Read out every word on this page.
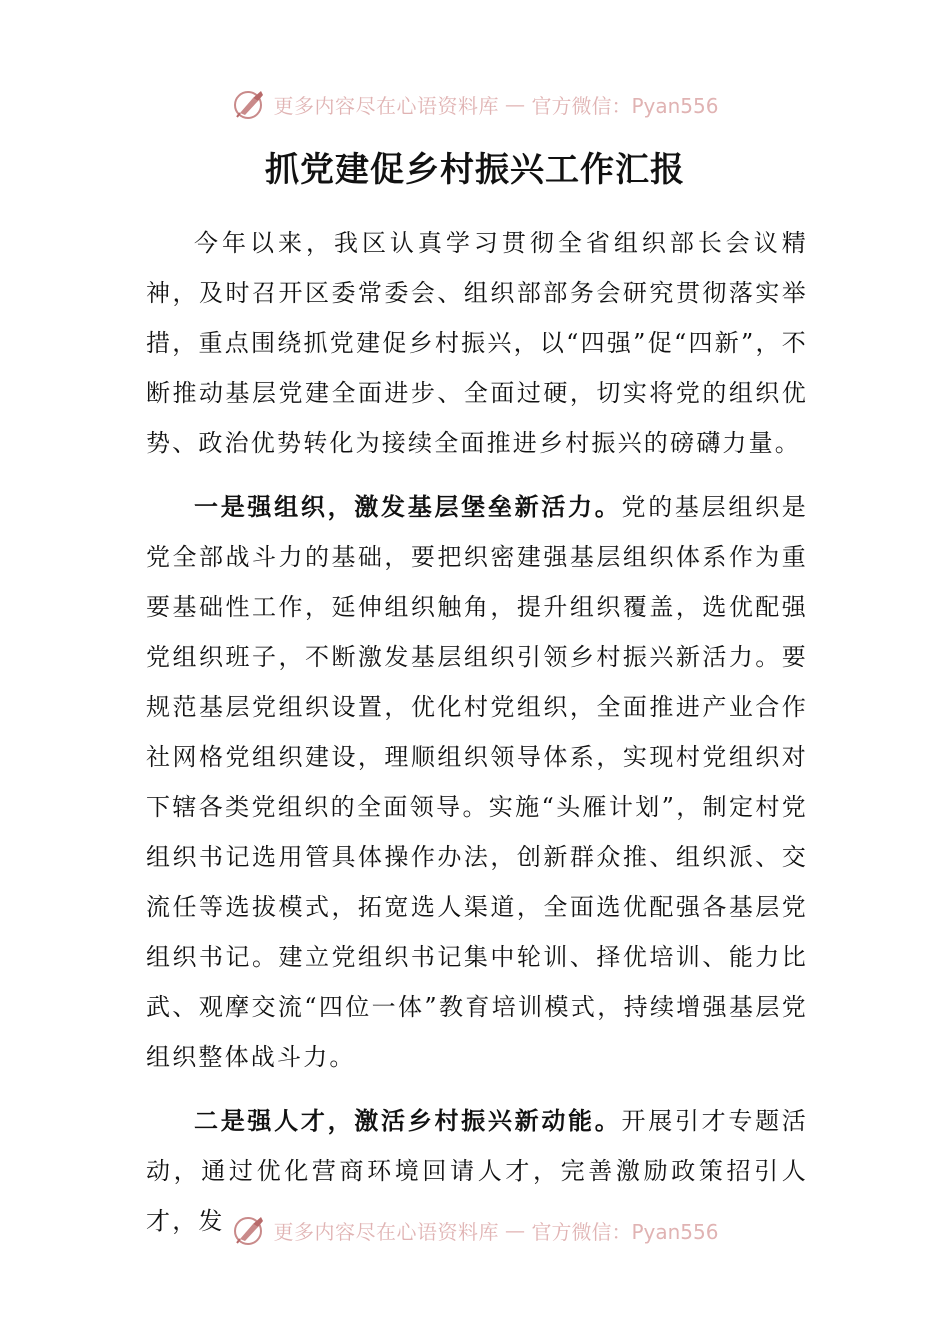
更多内容尽在心语资料库 — 官方微信：Pyan556
抓党建促乡村振兴工作汇报

今年以来，我区认真学习贯彻全省组织部长会议精神，及时召开区委常委会、组织部部务会研究贯彻落实举措，重点围绕抓党建促乡村振兴，以“四强”促“四新”，不断推动基层党建全面进步、全面过硬，切实将党的组织优势、政治优势转化为接续全面推进乡村振兴的磅礴力量。

一是强组织，激发基层堡垒新活力。党的基层组织是党全部战斗力的基础，要把织密建强基层组织体系作为重要基础性工作，延伸组织触角，提升组织覆盖，选优配强党组织班子，不断激发基层组织引领乡村振兴新活力。要规范基层党组织设置，优化村党组织，全面推进产业合作社网格党组织建设，理顺组织领导体系，实现村党组织对下辖各类党组织的全面领导。实施“头雁计划”，制定村党组织书记选用管具体操作办法，创新群众推、组织派、交流任等选拔模式，拓宽选人渠道，全面选优配强各基层党组织书记。建立党组织书记集中轮训、择优培训、能力比武、观摩交流“四位一体”教育培训模式，持续增强基层党组织整体战斗力。

二是强人才，激活乡村振兴新动能。开展引才专题活动，通过优化营商环境回请人才，完善激励政策招引人才，发	更多内容尽在心语资料库 — 官方微信：Pyan556
